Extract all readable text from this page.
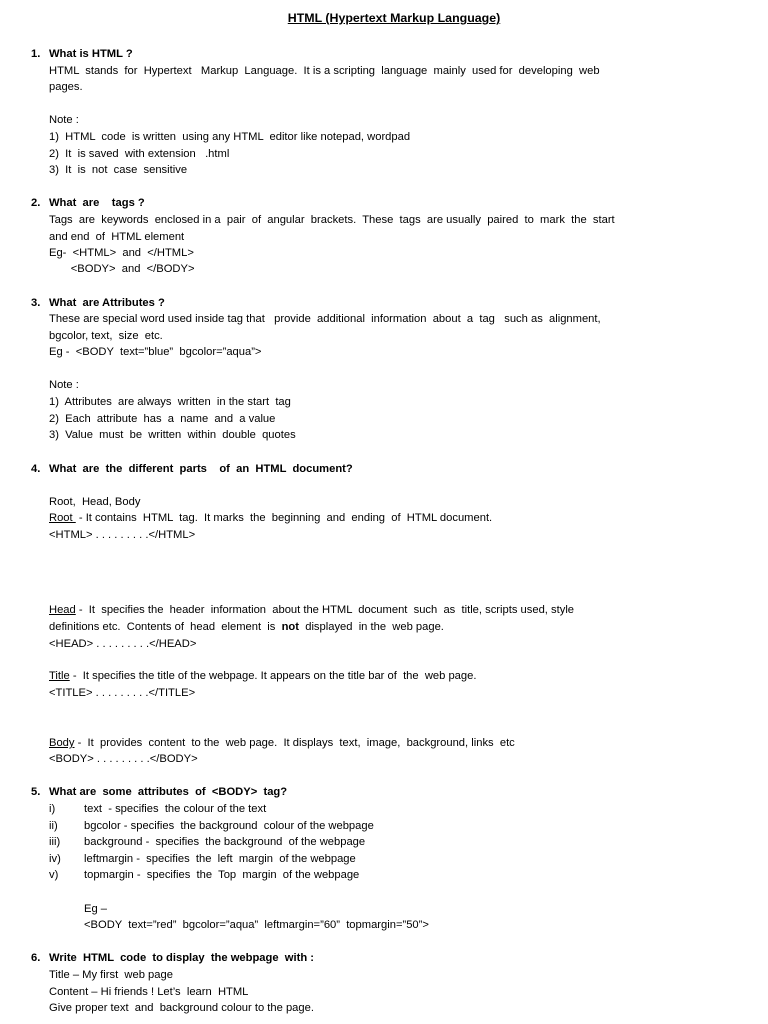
HTML (Hypertext Markup Language)
1. What is HTML ?
HTML  stands  for  Hypertext   Markup  Language.  It is a scripting  language  mainly  used for  developing  web
pages.
Note :
1)  HTML  code  is written  using any HTML  editor like notepad, wordpad
2)  It  is saved  with extension   .html
3)  It  is  not  case  sensitive
2. What  are    tags ?
Tags  are  keywords  enclosed in a  pair  of  angular  brackets.  These  tags  are usually  paired  to  mark  the  start
and end  of  HTML element
Eg-  <HTML>  and  </HTML>
<BODY>  and  </BODY>
3. What  are Attributes ?
These are special word used inside tag that   provide  additional  information  about  a  tag   such as  alignment,
bgcolor, text,  size  etc.
Eg -  <BODY  text=”blue”  bgcolor=”aqua”>
Note :
1)  Attributes  are always  written  in the start  tag
2)  Each  attribute  has  a  name  and  a value
3)  Value  must  be  written  within  double  quotes
4. What  are  the  different  parts    of  an  HTML  document?
Root,  Head, Body
Root  - It contains  HTML  tag.  It marks  the  beginning  and  ending  of  HTML document.
<HTML> . . . . . . . . .</HTML>
Head -  It  specifies the  header  information  about the HTML  document  such  as  title, scripts used, style
definitions etc.  Contents of  head  element  is  not  displayed  in the  web page.
<HEAD> . . . . . . . . .</HEAD>
Title -  It specifies the title of the webpage. It appears on the title bar of  the  web page.
<TITLE> . . . . . . . . .</TITLE>
Body -  It  provides  content  to the  web page.  It displays  text,  image,  background, links  etc
<BODY> . . . . . . . . .</BODY>
5. What are  some  attributes  of  <BODY>  tag?
i)	text  - specifies  the colour of the text
ii) bgcolor - specifies  the background  colour of the webpage
iii) background -  specifies  the background  of the webpage
iv) leftmargin -  specifies  the  left  margin  of the webpage
v) topmargin -  specifies  the  Top  margin  of the webpage
Eg –
<BODY  text=”red”  bgcolor=”aqua”  leftmargin=”60”  topmargin=”50”>
6. Write  HTML  code  to display  the webpage  with :
Title – My first  web page
Content – Hi friends ! Let’s  learn  HTML
Give proper text  and  background colour to the page.
